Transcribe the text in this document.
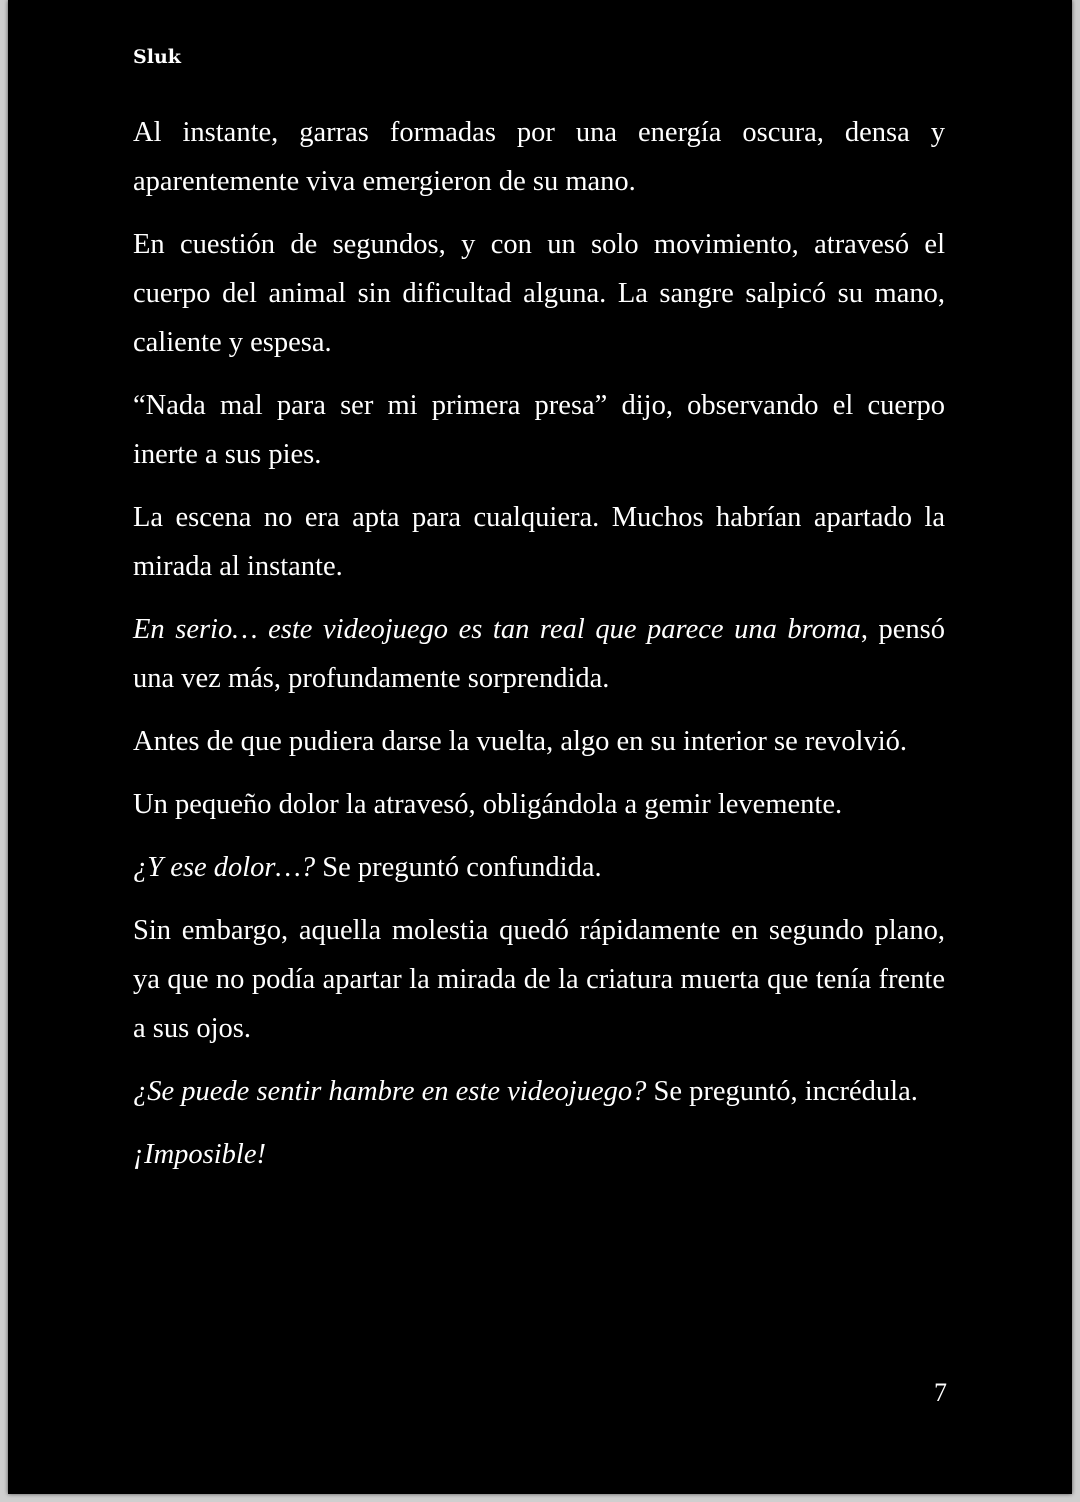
Sluk

Al instante, garras formadas por una energía oscura, densa y aparentemente viva emergieron de su mano.

En cuestión de segundos, y con un solo movimiento, atravesó el cuerpo del animal sin dificultad alguna. La sangre salpicó su mano, caliente y espesa.

“Nada mal para ser mi primera presa” dijo, observando el cuerpo inerte a sus pies.

La escena no era apta para cualquiera. Muchos habrían apartado la mirada al instante.

En serio… este videojuego es tan real que parece una broma, pensó una vez más, profundamente sorprendida.

Antes de que pudiera darse la vuelta, algo en su interior se revolvió.

Un pequeño dolor la atravesó, obligándola a gemir levemente.

¿Y ese dolor…? Se preguntó confundida.

Sin embargo, aquella molestia quedó rápidamente en segundo plano, ya que no podía apartar la mirada de la criatura muerta que tenía frente a sus ojos.

¿Se puede sentir hambre en este videojuego? Se preguntó, incrédula.

¡Imposible!

7
